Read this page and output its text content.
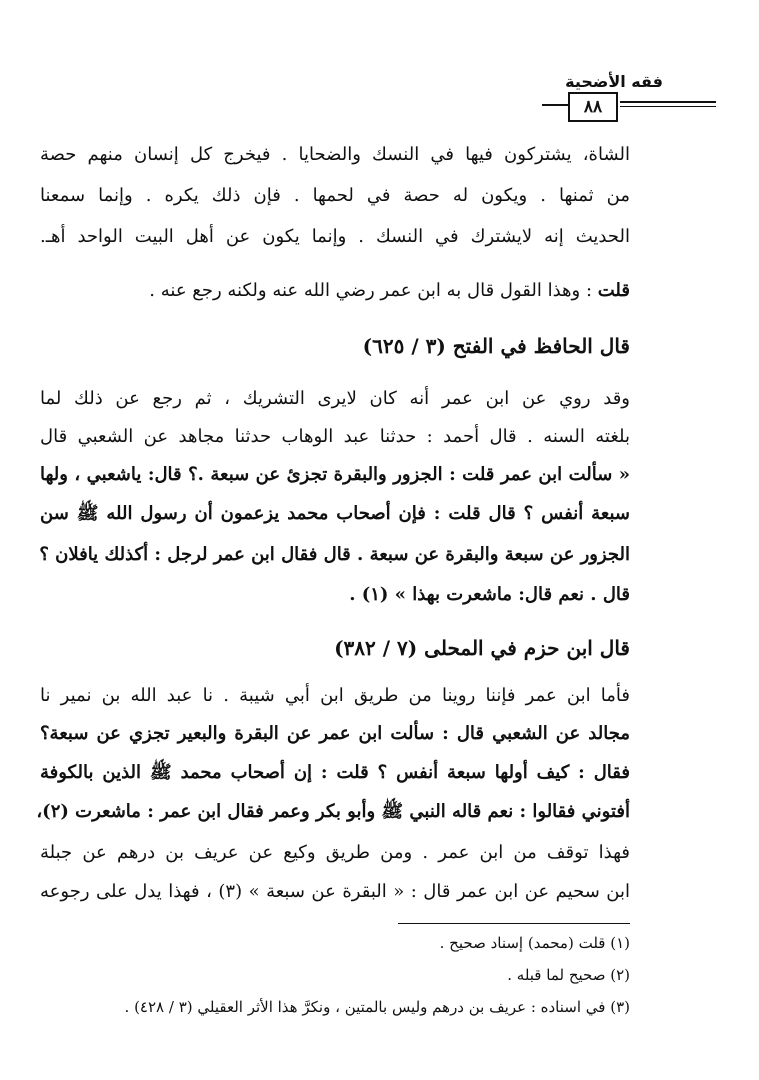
فقه الأضحية
٨٨
الشاة، يشتركون فيها في النسك والضحايا . فيخرج كل إنسان منهم حصة
من ثمنها . ويكون له حصة في لحمها . فإن ذلك يكره . وإنما سمعنا
الحديث إنه لايشترك في النسك . وإنما يكون عن أهل البيت الواحد أهـ.
قلت : وهذا القول قال به ابن عمر رضي الله عنه ولكنه رجع عنه .
قال الحافظ في الفتح (٣ / ٦٢٥)
وقد روي عن ابن عمر أنه كان لايرى التشريك ، ثم رجع عن ذلك لما
بلغته السنه . قال أحمد : حدثنا عبد الوهاب حدثنا مجاهد عن الشعبي قال
« سألت ابن عمر قلت : الجزور والبقرة تجزئ عن سبعة .؟ قال: ياشعبي ، ولها
سبعة أنفس ؟ قال قلت : فإن أصحاب محمد يزعمون أن رسول الله ﷺ سن
الجزور عن سبعة والبقرة عن سبعة . قال فقال ابن عمر لرجل : أكذلك يافلان ؟
قال . نعم قال: ماشعرت بهذا » (١) .
قال ابن حزم في المحلى (٧ / ٣٨٢)
فأما ابن عمر فإننا روينا من طريق ابن أبي شيبة . نا عبد الله بن نمير نا
مجالد عن الشعبي قال : سألت ابن عمر عن البقرة والبعير تجزي عن سبعة؟
فقال : كيف أولها سبعة أنفس ؟ قلت : إن أصحاب محمد ﷺ الذين بالكوفة
أفتوني فقالوا : نعم قاله النبي ﷺ وأبو بكر وعمر فقال ابن عمر : ماشعرت (٢)،
فهذا توقف من ابن عمر . ومن طريق وكيع عن عريف بن درهم عن جبلة
ابن سحيم عن ابن عمر قال : « البقرة عن سبعة » (٣) ، فهذا يدل على رجوعه
(١) قلت (محمد) إسناد صحيح .
(٢) صحيح لما قبله .
(٣) في اسناده : عريف بن درهم وليس بالمتين ، ونكرَّ هذا الأثر العقيلي (٣ / ٤٢٨) .
